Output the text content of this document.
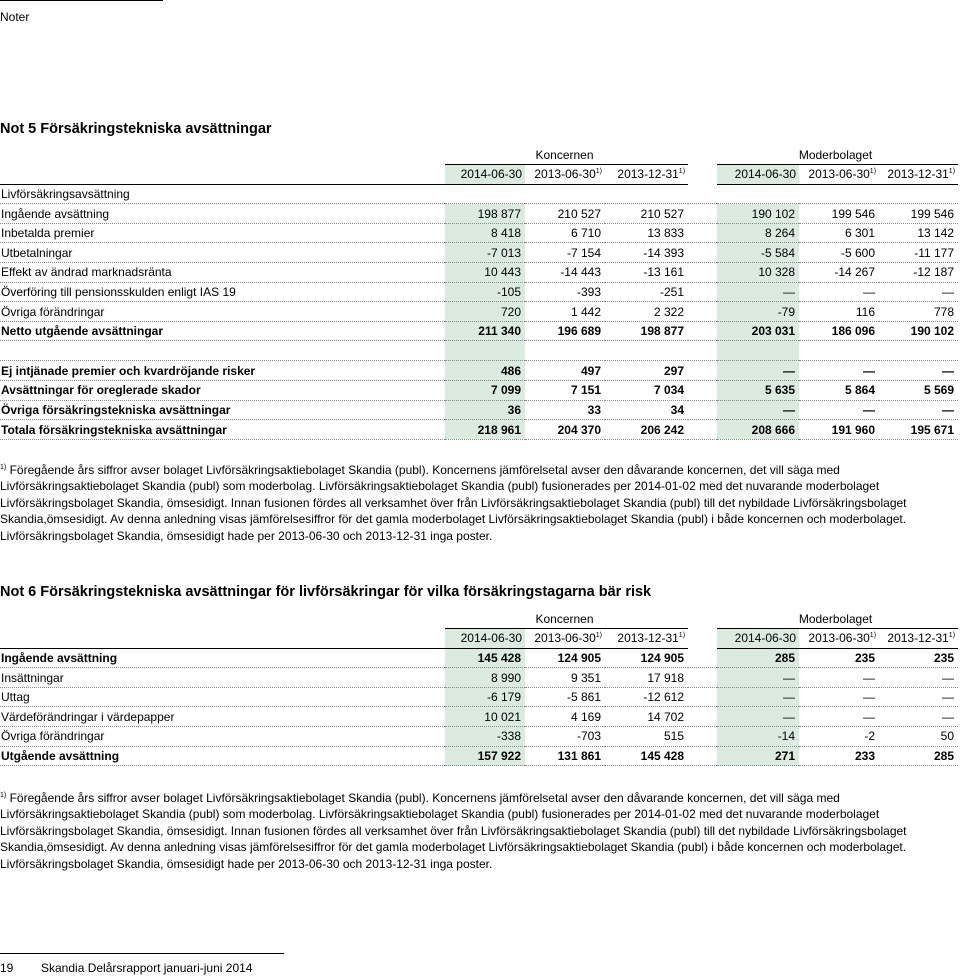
Noter
Not 5 Försäkringstekniska avsättningar
	Koncernen				Moderbolaget		
	2014-06-30	2013-06-30$^{1)}$	2013-12-31$^{1)}$		2014-06-30	2013-06-30$^{1)}$	2013-12-31$^{1)}$
Livförsäkringsavsättning							
Ingående avsättning	198 877	210 527	210 527		190 102	199 546	199 546
Inbetalda premier	8 418	6 710	13 833		8 264	6 301	13 142
Utbetalningar	-7 013	-7 154	-14 393		-5 584	-5 600	-11 177
Effekt av ändrad marknadsränta	10 443	-14 443	-13 161		10 328	-14 267	-12 187
Överföring till pensionsskulden enligt IAS 19	-105	-393	-251		—	—	—
Övriga förändringar	720	1 442	2 322		-79	116	778
Netto utgående avsättningar	211 340	196 689	198 877		203 031	186 096	190 102

Ej intjänade premier och kvardröjande risker	486	497	297		—	—	—
Avsättningar för oreglerade skador	7 099	7 151	7 034		5 635	5 864	5 569
Övriga försäkringstekniska avsättningar	36	33	34		—	—	—
Totala försäkringstekniska avsättningar	218 961	204 370	206 242		208 666	191 960	195 671
$^{1)}$ Föregående års siffror avser bolaget Livförsäkringsaktiebolaget Skandia (publ). Koncernens jämförelsetal avser den dåvarande koncernen, det vill säga med Livförsäkringsaktiebolaget Skandia (publ) som moderbolag. Livförsäkringsaktiebolaget Skandia (publ) fusionerades per 2014-01-02 med det nuvarande moderbolaget Livförsäkringsbolaget Skandia, ömsesidigt. Innan fusionen fördes all verksamhet över från Livförsäkringsaktiebolaget Skandia (publ) till det nybildade Livförsäkringsbolaget Skandia,ömsesidigt. Av denna anledning visas jämförelsesiffror för det gamla moderbolaget Livförsäkringsaktiebolaget Skandia (publ) i både koncernen och moderbolaget. Livförsäkringsbolaget Skandia, ömsesidigt hade per 2013-06-30 och 2013-12-31 inga poster.
Not 6 Försäkringstekniska avsättningar för livförsäkringar för vilka försäkringstagarna bär risk
	Koncernen				Moderbolaget		
	2014-06-30	2013-06-30$^{1)}$	2013-12-31$^{1)}$		2014-06-30	2013-06-30$^{1)}$	2013-12-31$^{1)}$
Ingående avsättning	145 428	124 905	124 905		285	235	235
Insättningar	8 990	9 351	17 918		—	—	—
Uttag	-6 179	-5 861	-12 612		—	—	—
Värdeförändringar i värdepapper	10 021	4 169	14 702		—	—	—
Övriga förändringar	-338	-703	515		-14	-2	50
Utgående avsättning	157 922	131 861	145 428		271	233	285
$^{1)}$ Föregående års siffror avser bolaget Livförsäkringsaktiebolaget Skandia (publ). Koncernens jämförelsetal avser den dåvarande koncernen, det vill säga med Livförsäkringsaktiebolaget Skandia (publ) som moderbolag. Livförsäkringsaktiebolaget Skandia (publ) fusionerades per 2014-01-02 med det nuvarande moderbolaget Livförsäkringsbolaget Skandia, ömsesidigt. Innan fusionen fördes all verksamhet över från Livförsäkringsaktiebolaget Skandia (publ) till det nybildade Livförsäkringsbolaget Skandia,ömsesidigt. Av denna anledning visas jämförelsesiffror för det gamla moderbolaget Livförsäkringsaktiebolaget Skandia (publ) i både koncernen och moderbolaget. Livförsäkringsbolaget Skandia, ömsesidigt hade per 2013-06-30 och 2013-12-31 inga poster.
19 Skandia Delårsrapport januari-juni 2014
